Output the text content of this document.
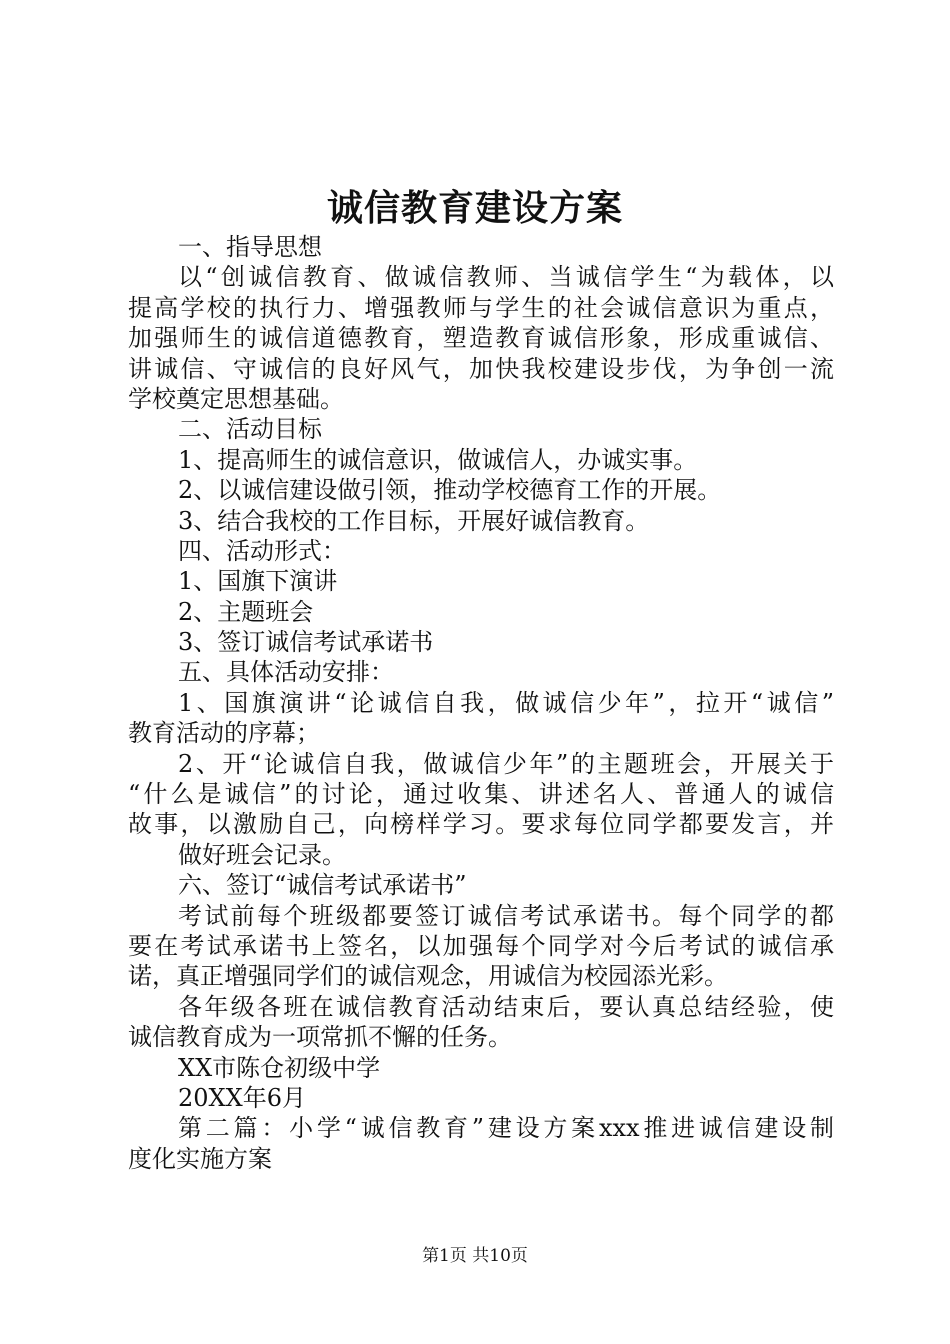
诚信教育建设方案
一、指导思想
以“创诚信教育、做诚信教师、当诚信学生“为载体，以
提高学校的执行力、增强教师与学生的社会诚信意识为重点，
加强师生的诚信道德教育，塑造教育诚信形象，形成重诚信、
讲诚信、守诚信的良好风气，加快我校建设步伐，为争创一流
学校奠定思想基础。
二、活动目标
1、提高师生的诚信意识，做诚信人，办诚实事。
2、以诚信建设做引领，推动学校德育工作的开展。
3、结合我校的工作目标，开展好诚信教育。
四、活动形式：
1、国旗下演讲
2、主题班会
3、签订诚信考试承诺书
五、具体活动安排：
1、国旗演讲“论诚信自我，做诚信少年”，拉开“诚信”
教育活动的序幕；
2、开“论诚信自我，做诚信少年”的主题班会，开展关于
“什么是诚信”的讨论，通过收集、讲述名人、普通人的诚信
故事，以激励自己，向榜样学习。要求每位同学都要发言，并
做好班会记录。
六、签订“诚信考试承诺书”
考试前每个班级都要签订诚信考试承诺书。每个同学的都
要在考试承诺书上签名，以加强每个同学对今后考试的诚信承
诺，真正增强同学们的诚信观念，用诚信为校园添光彩。
各年级各班在诚信教育活动结束后，要认真总结经验，使
诚信教育成为一项常抓不懈的任务。
XX市陈仓初级中学
20XX年6月
第二篇：小学“诚信教育”建设方案xxx推进诚信建设制
度化实施方案
第1页 共10页
